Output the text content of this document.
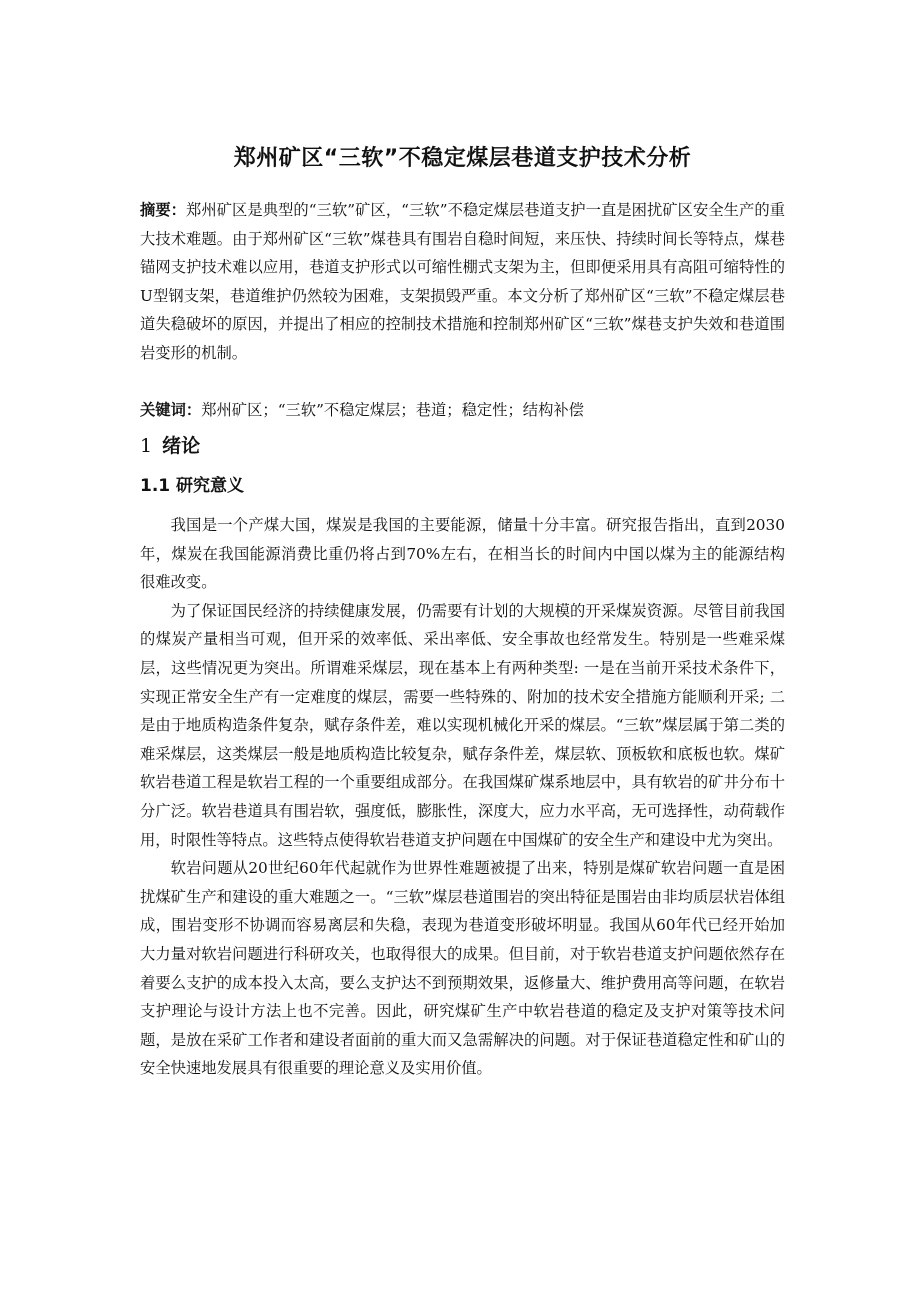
郑州矿区“三软”不稳定煤层巷道支护技术分析

摘要：郑州矿区是典型的“三软”矿区，“三软”不稳定煤层巷道支护一直是困扰矿区安全生产的重大技术难题。由于郑州矿区“三软”煤巷具有围岩自稳时间短，来压快、持续时间长等特点，煤巷锚网支护技术难以应用，巷道支护形式以可缩性棚式支架为主，但即便采用具有高阻可缩特性的U型钢支架，巷道维护仍然较为困难，支架损毁严重。本文分析了郑州矿区“三软”不稳定煤层巷道失稳破坏的原因，并提出了相应的控制技术措施和控制郑州矿区“三软”煤巷支护失效和巷道围岩变形的机制。

关键词：郑州矿区；“三软”不稳定煤层；巷道；稳定性；结构补偿

1 绪论
1.1 研究意义

我国是一个产煤大国，煤炭是我国的主要能源，储量十分丰富。研究报告指出，直到2030年，煤炭在我国能源消费比重仍将占到70%左右，在相当长的时间内中国以煤为主的能源结构很难改变。

为了保证国民经济的持续健康发展，仍需要有计划的大规模的开采煤炭资源。尽管目前我国的煤炭产量相当可观，但开采的效率低、采出率低、安全事故也经常发生。特别是一些难采煤层，这些情况更为突出。所谓难采煤层，现在基本上有两种类型: 一是在当前开采技术条件下，实现正常安全生产有一定难度的煤层，需要一些特殊的、附加的技术安全措施方能顺利开采; 二是由于地质构造条件复杂，赋存条件差，难以实现机械化开采的煤层。“三软”煤层属于第二类的难采煤层，这类煤层一般是地质构造比较复杂，赋存条件差，煤层软、顶板软和底板也软。煤矿软岩巷道工程是软岩工程的一个重要组成部分。在我国煤矿煤系地层中，具有软岩的矿井分布十分广泛。软岩巷道具有围岩软，强度低，膨胀性，深度大，应力水平高，无可选择性，动荷载作用，时限性等特点。这些特点使得软岩巷道支护问题在中国煤矿的安全生产和建设中尤为突出。

软岩问题从20世纪60年代起就作为世界性难题被提了出来，特别是煤矿软岩问题一直是困扰煤矿生产和建设的重大难题之一。“三软”煤层巷道围岩的突出特征是围岩由非均质层状岩体组成，围岩变形不协调而容易离层和失稳，表现为巷道变形破坏明显。我国从60年代已经开始加大力量对软岩问题进行科研攻关，也取得很大的成果。但目前，对于软岩巷道支护问题依然存在着要么支护的成本投入太高，要么支护达不到预期效果，返修量大、维护费用高等问题，在软岩支护理论与设计方法上也不完善。因此，研究煤矿生产中软岩巷道的稳定及支护对策等技术问题，是放在采矿工作者和建设者面前的重大而又急需解决的问题。对于保证巷道稳定性和矿山的安全快速地发展具有很重要的理论意义及实用价值。
